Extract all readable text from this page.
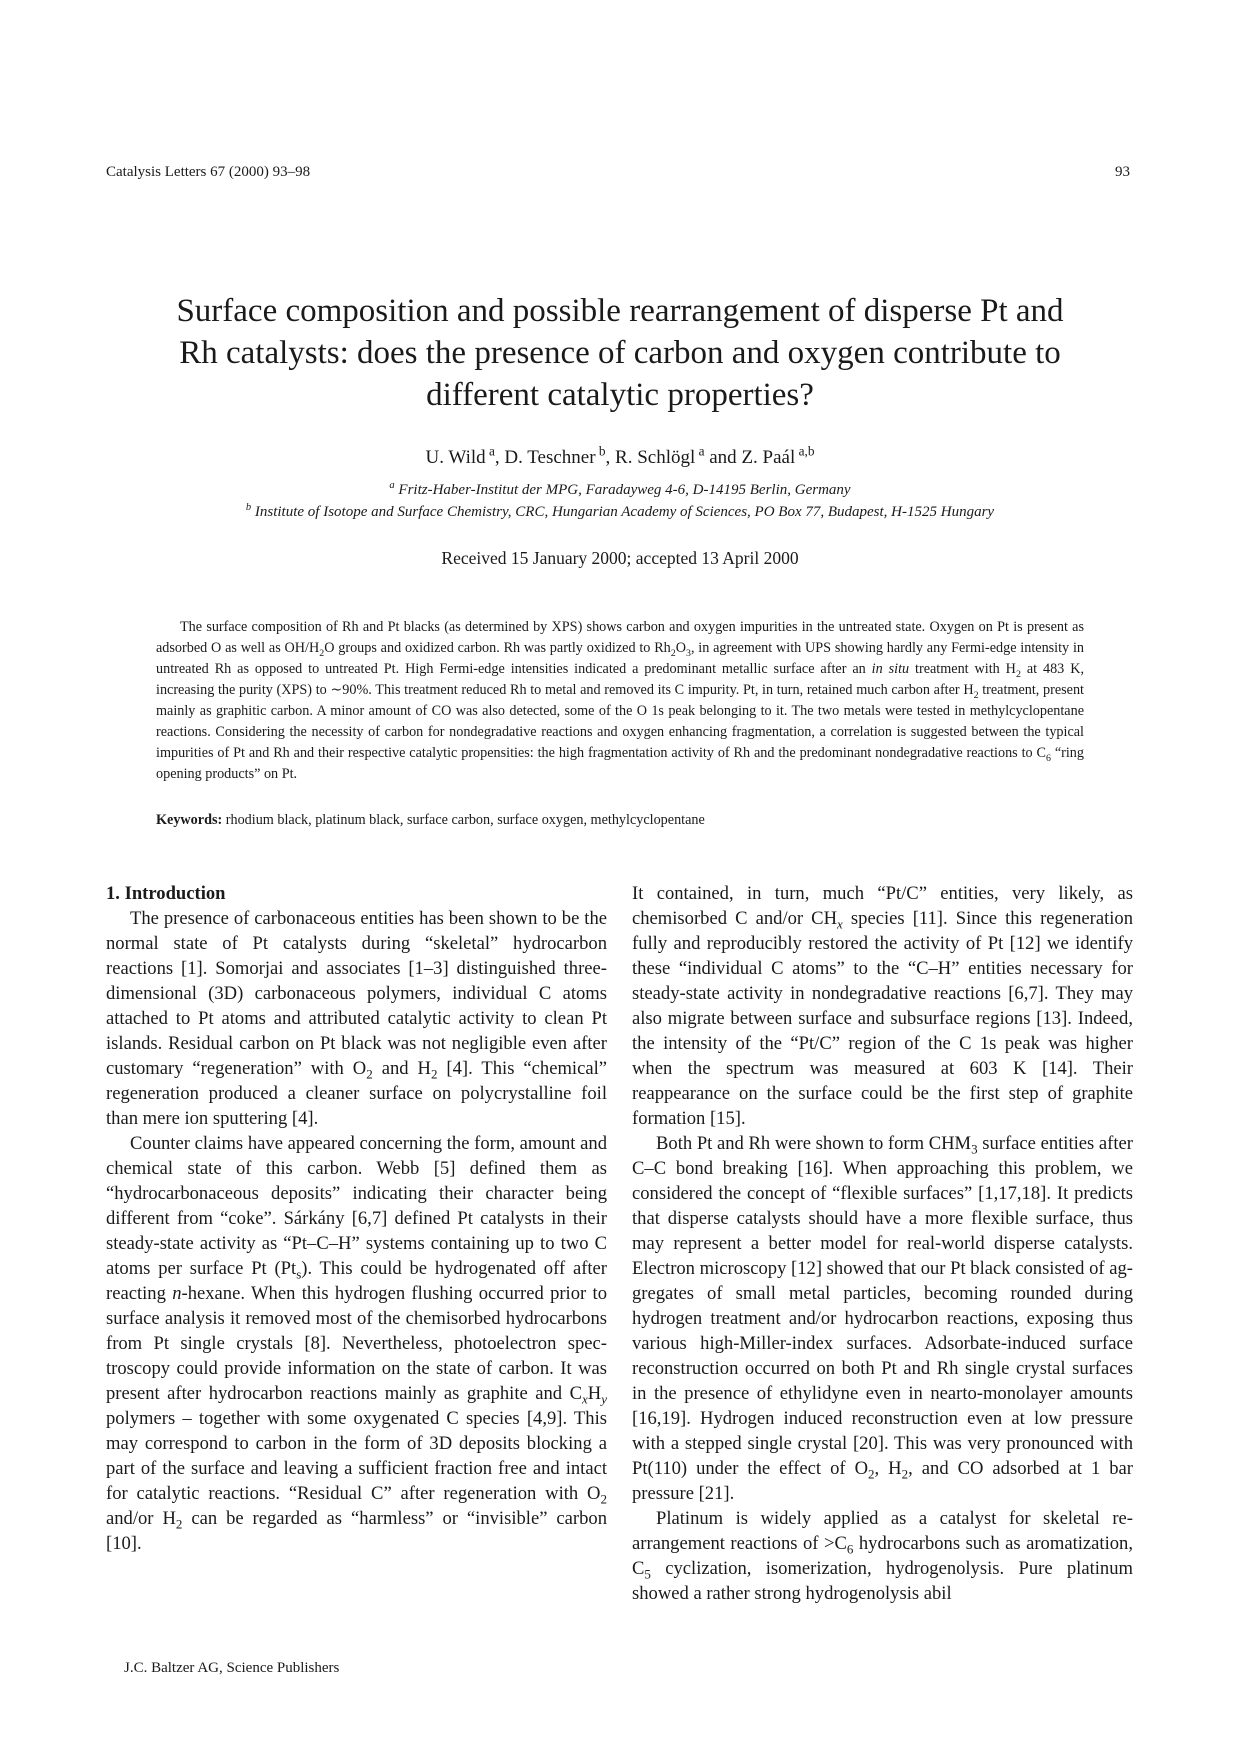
Catalysis Letters 67 (2000) 93–98	93
Surface composition and possible rearrangement of disperse Pt and
Rh catalysts: does the presence of carbon and oxygen contribute to
different catalytic properties?
U. Wild $^a$, D. Teschner $^b$, R. Schlögl $^a$ and Z. Paál $^{a,b}$
$^a$ Fritz-Haber-Institut der MPG, Faradayweg 4-6, D-14195 Berlin, Germany
$^b$ Institute of Isotope and Surface Chemistry, CRC, Hungarian Academy of Sciences, PO Box 77, Budapest, H-1525 Hungary
Received 15 January 2000; accepted 13 April 2000
The surface composition of Rh and Pt blacks (as determined by XPS) shows carbon and oxygen impurities in the untreated state. Oxygen on Pt is present as adsorbed O as well as $OH/H_2O$ groups and oxidized carbon. Rh was partly oxidized to $Rh_2O_3$, in agreement with UPS showing hardly any Fermi-edge intensity in untreated Rh as opposed to untreated Pt. High Fermi-edge intensities indicated a predominant metallic surface after an in situ treatment with $H_2$ at 483 K, increasing the purity (XPS) to ∼90%. This treatment reduced Rh to metal and removed its C impurity. Pt, in turn, retained much carbon after $H_2$ treatment, present mainly as graphitic carbon. A minor amount of CO was also detected, some of the O 1s peak belonging to it. The two metals were tested in methylcyclopentane reactions. Considering the necessity of carbon for nondegradative reactions and oxygen enhancing fragmentation, a correlation is suggested between the typical impurities of Pt and Rh and their respective catalytic propensities: the high fragmentation activity of Rh and the predominant nondegradative reactions to $C_6$ “ring opening products” on Pt.
Keywords: rhodium black, platinum black, surface carbon, surface oxygen, methylcyclopentane

1. Introduction

The presence of carbonaceous entities has been shown to be the normal state of Pt catalysts during “skeletal” hydrocarbon reactions [1]. Somorjai and associates [1–3] distinguished three-dimensional (3D) carbonaceous polymers, individual C atoms attached to Pt atoms and attributed catalytic activity to clean Pt islands. Residual carbon on Pt black was not negligible even after customary “regeneration” with $O_2$ and $H_2$ [4]. This “chemical” regeneration produced a cleaner surface on polycrystalline foil than mere ion sputtering [4].

Counter claims have appeared concerning the form, amount and chemical state of this carbon. Webb [5] defined them as “hydrocarbonaceous deposits” indicating their character being different from “coke”. Sárkány [6,7] defined Pt catalysts in their steady-state activity as “Pt–C–H” systems containing up to two C atoms per surface Pt $(Pt_s)$. This could be hydrogenated off after reacting n-hexane. When this hydrogen flushing occurred prior to surface analysis it removed most of the chemisorbed hydrocarbons from Pt single crystals [8]. Nevertheless, photoelectron spectroscopy could provide information on the state of carbon. It was present after hydrocarbon reactions mainly as graphite and $C_xH_y$ polymers – together with some oxygenated C species [4,9]. This may correspond to carbon in the form of 3D deposits blocking a part of the surface and leaving a sufficient fraction free and intact for catalytic reactions. “Residual C” after regeneration with $O_2$ and/or $H_2$ can be regarded as “harmless” or “invisible” carbon [10].

It contained, in turn, much “Pt/C” entities, very likely, as chemisorbed C and/or $CH_x$ species [11]. Since this regeneration fully and reproducibly restored the activity of Pt [12] we identify these “individual C atoms” to the “C–H” entities necessary for steady-state activity in nondegradative reactions [6,7]. They may also migrate between surface and subsurface regions [13]. Indeed, the intensity of the “Pt/C” region of the C 1s peak was higher when the spectrum was measured at 603 K [14]. Their reappearance on the surface could be the first step of graphite formation [15].

Both Pt and Rh were shown to form $CHM_3$ surface entities after C–C bond breaking [16]. When approaching this problem, we considered the concept of “flexible surfaces” [1,17,18]. It predicts that disperse catalysts should have a more flexible surface, thus may represent a better model for real-world disperse catalysts. Electron microscopy [12] showed that our Pt black consisted of aggregates of small metal particles, becoming rounded during hydrogen treatment and/or hydrocarbon reactions, exposing thus various high-Miller-index surfaces. Adsorbate-induced surface reconstruction occurred on both Pt and Rh single crystal surfaces in the presence of ethylidyne even in nearto-monolayer amounts [16,19]. Hydrogen induced reconstruction even at low pressure with a stepped single crystal [20]. This was very pronounced with Pt(110) under the effect of $O_2$, $H_2$, and CO adsorbed at 1 bar pressure [21].

Platinum is widely applied as a catalyst for skeletal rearrangement reactions of $>C_6$ hydrocarbons such as aromatization, $C_5$ cyclization, isomerization, hydrogenolysis. Pure platinum showed a rather strong hydrogenolysis abil

J.C. Baltzer AG, Science Publishers
